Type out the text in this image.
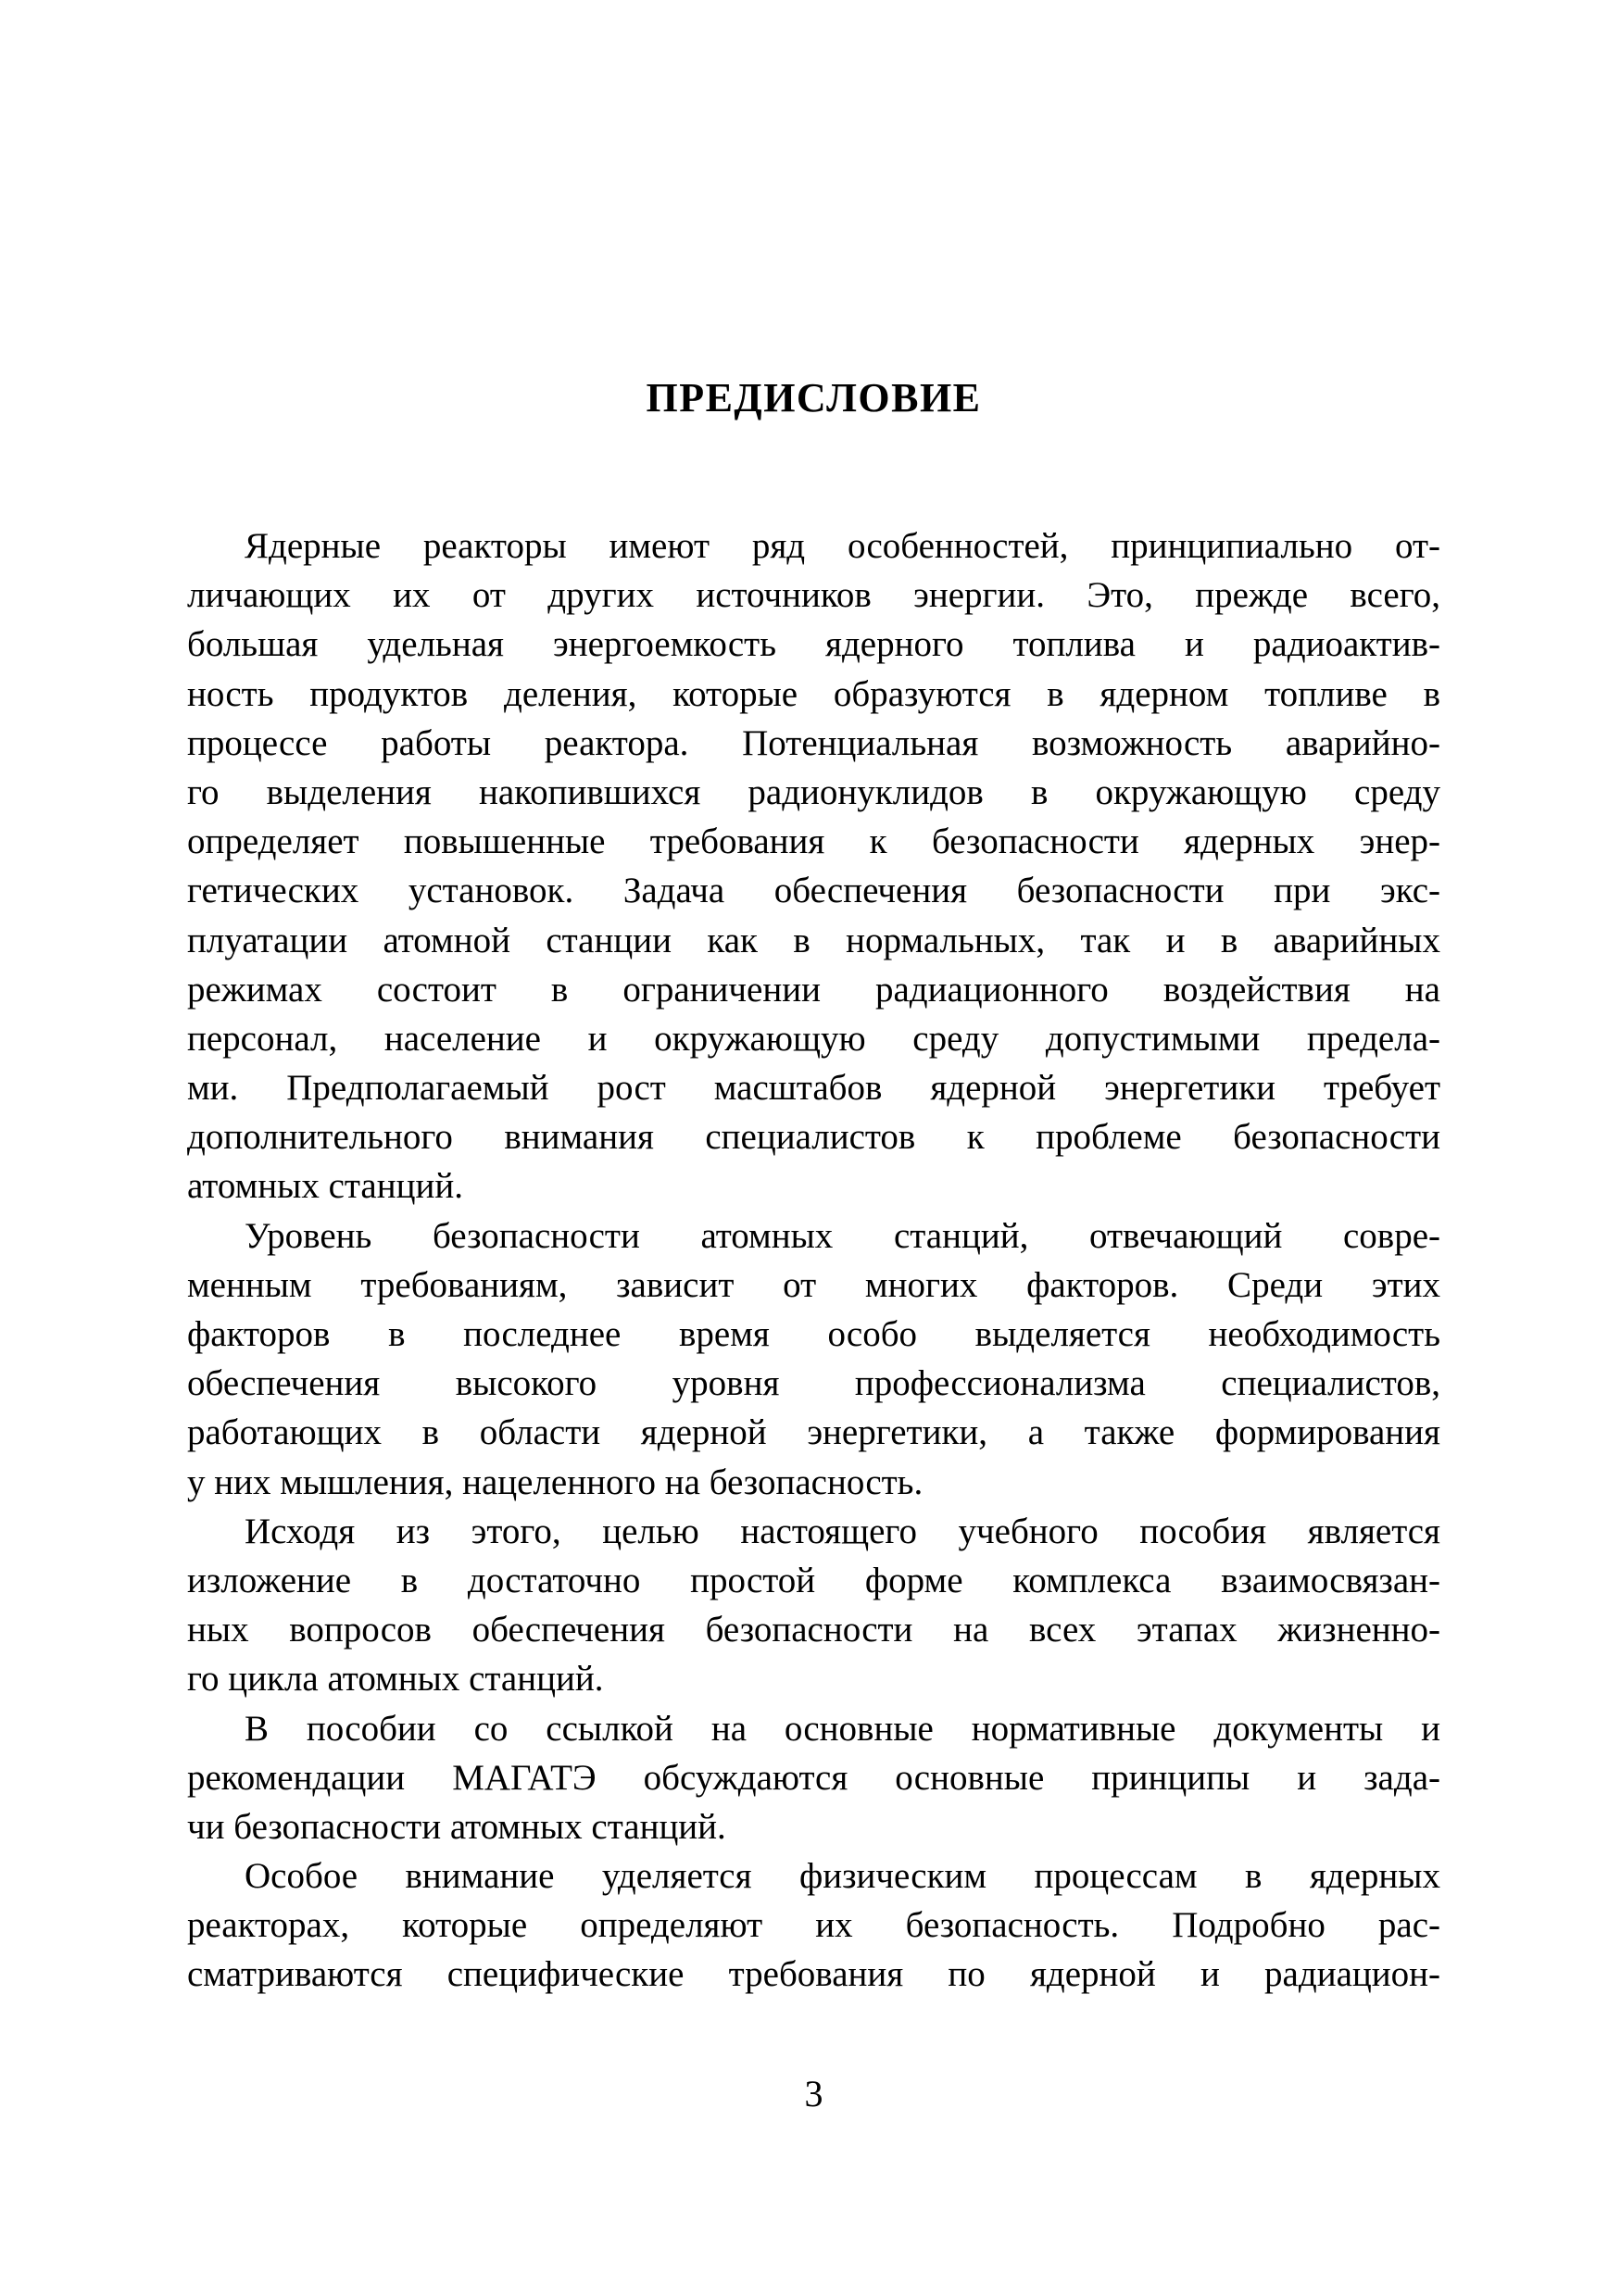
ПРЕДИСЛОВИЕ
Ядерные реакторы имеют ряд особенностей, принципиально от-
личающих их от других источников энергии. Это, прежде всего,
большая удельная энергоемкость ядерного топлива и радиоактив-
ность продуктов деления, которые образуются в ядерном топливе в
процессе работы реактора. Потенциальная возможность аварийно-
го выделения накопившихся радионуклидов в окружающую среду
определяет повышенные требования к безопасности ядерных энер-
гетических установок. Задача обеспечения безопасности при экс-
плуатации атомной станции как в нормальных, так и в аварийных
режимах состоит в ограничении радиационного воздействия на
персонал, население и окружающую среду допустимыми предела-
ми. Предполагаемый рост масштабов ядерной энергетики требует
дополнительного внимания специалистов к проблеме безопасности
атомных станций.
Уровень безопасности атомных станций, отвечающий совре-
менным требованиям, зависит от многих факторов. Среди этих
факторов в последнее время особо выделяется необходимость
обеспечения высокого уровня профессионализма специалистов,
работающих в области ядерной энергетики, а также формирования
у них мышления, нацеленного на безопасность.
Исходя из этого, целью настоящего учебного пособия является
изложение в достаточно простой форме комплекса взаимосвязан-
ных вопросов обеспечения безопасности на всех этапах жизненно-
го цикла атомных станций.
В пособии со ссылкой на основные нормативные документы и
рекомендации МАГАТЭ обсуждаются основные принципы и зада-
чи безопасности атомных станций.
Особое внимание уделяется физическим процессам в ядерных
реакторах, которые определяют их безопасность. Подробно рас-
сматриваются специфические требования по ядерной и радиацион-
3
